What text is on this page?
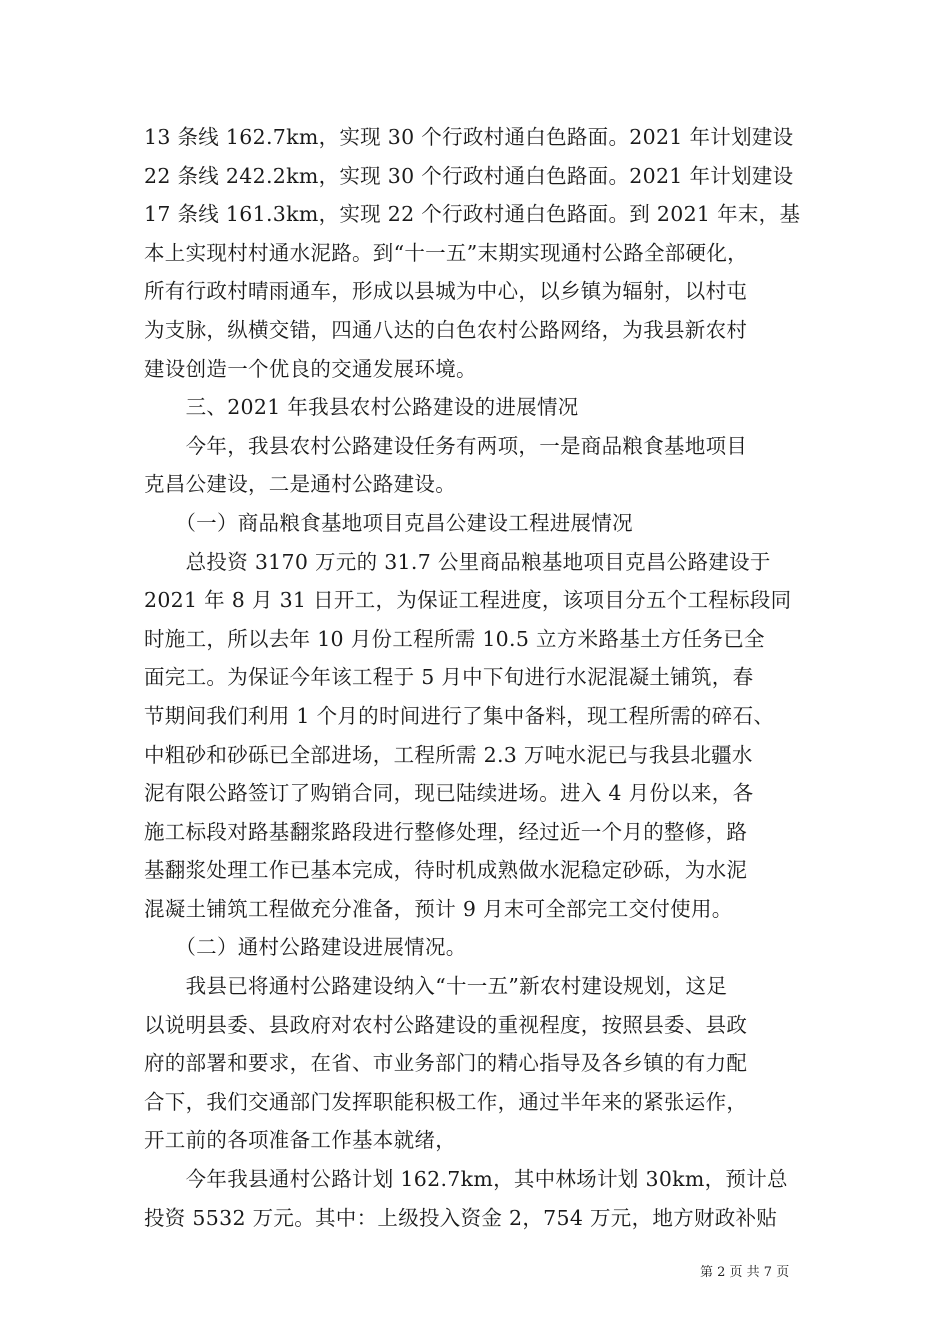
13 条线 162.7km，实现 30 个行政村通白色路面。2021 年计划建设
22 条线 242.2km，实现 30 个行政村通白色路面。2021 年计划建设
17 条线 161.3km，实现 22 个行政村通白色路面。到 2021 年末，基
本上实现村村通水泥路。到“十一五”末期实现通村公路全部硬化，
所有行政村晴雨通车，形成以县城为中心，以乡镇为辐射，以村屯
为支脉，纵横交错，四通八达的白色农村公路网络，为我县新农村
建设创造一个优良的交通发展环境。
　　三、2021 年我县农村公路建设的进展情况
　　今年，我县农村公路建设任务有两项，一是商品粮食基地项目
克昌公建设，二是通村公路建设。
　　（一）商品粮食基地项目克昌公建设工程进展情况
　　总投资 3170 万元的 31.7 公里商品粮基地项目克昌公路建设于
2021 年 8 月 31 日开工，为保证工程进度，该项目分五个工程标段同
时施工，所以去年 10 月份工程所需 10.5 立方米路基土方任务已全
面完工。为保证今年该工程于 5 月中下旬进行水泥混凝土铺筑，春
节期间我们利用 1 个月的时间进行了集中备料，现工程所需的碎石、
中粗砂和砂砾已全部进场，工程所需 2.3 万吨水泥已与我县北疆水
泥有限公路签订了购销合同，现已陆续进场。进入 4 月份以来，各
施工标段对路基翻浆路段进行整修处理，经过近一个月的整修，路
基翻浆处理工作已基本完成，待时机成熟做水泥稳定砂砾，为水泥
混凝土铺筑工程做充分准备，预计 9 月末可全部完工交付使用。
　　（二）通村公路建设进展情况。
　　我县已将通村公路建设纳入“十一五”新农村建设规划，这足
以说明县委、县政府对农村公路建设的重视程度，按照县委、县政
府的部署和要求，在省、市业务部门的精心指导及各乡镇的有力配
合下，我们交通部门发挥职能积极工作，通过半年来的紧张运作，
开工前的各项准备工作基本就绪，
　　今年我县通村公路计划 162.7km，其中林场计划 30km，预计总
投资 5532 万元。其中：上级投入资金 2，754 万元，地方财政补贴
第 2 页 共 7 页
